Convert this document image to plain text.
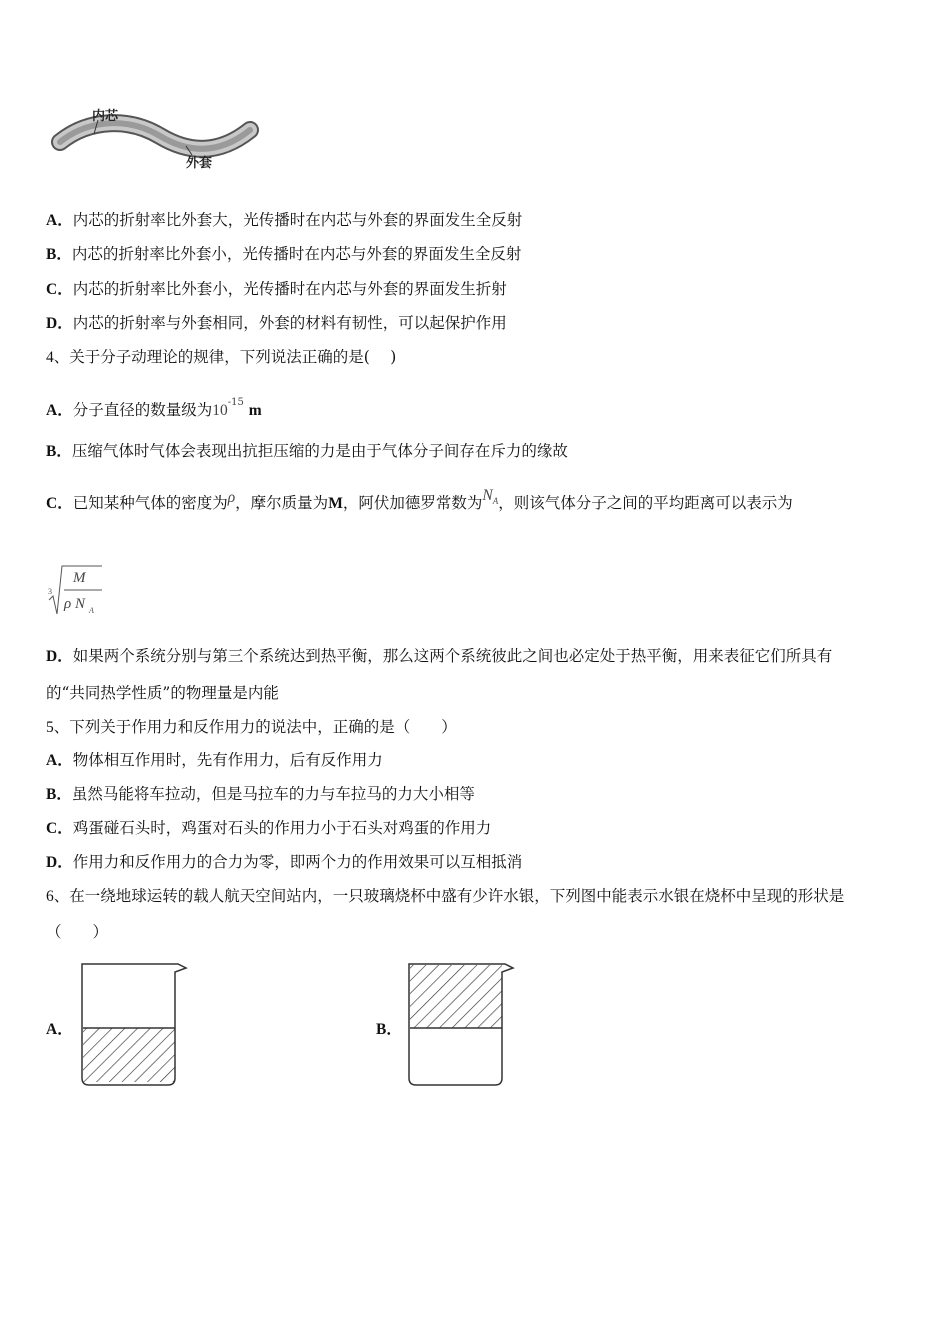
内芯
外套
A．内芯的折射率比外套大，光传播时在内芯与外套的界面发生全反射
B．内芯的折射率比外套小，光传播时在内芯与外套的界面发生全反射
C．内芯的折射率比外套小，光传播时在内芯与外套的界面发生折射
D．内芯的折射率与外套相同，外套的材料有韧性，可以起保护作用
4、关于分子动理论的规律，下列说法正确的是(　 )
A．分子直径的数量级为$10^{-15}$ m
B．压缩气体时气体会表现出抗拒压缩的力是由于气体分子间存在斥力的缘故
C．已知某种气体的密度为ρ，摩尔质量为M，阿伏加德罗常数为$N_A$，则该气体分子之间的平均距离可以表示为
3
M
ρ N A
D．如果两个系统分别与第三个系统达到热平衡，那么这两个系统彼此之间也必定处于热平衡，用来表征它们所具有
的“共同热学性质”的物理量是内能
5、下列关于作用力和反作用力的说法中，正确的是（　　）
A．物体相互作用时，先有作用力，后有反作用力
B．虽然马能将车拉动，但是马拉车的力与车拉马的力大小相等
C．鸡蛋碰石头时，鸡蛋对石头的作用力小于石头对鸡蛋的作用力
D．作用力和反作用力的合力为零，即两个力的作用效果可以互相抵消
6、在一绕地球运转的载人航天空间站内，一只玻璃烧杯中盛有少许水银，下列图中能表示水银在烧杯中呈现的形状是
（　　）
A．	B．
